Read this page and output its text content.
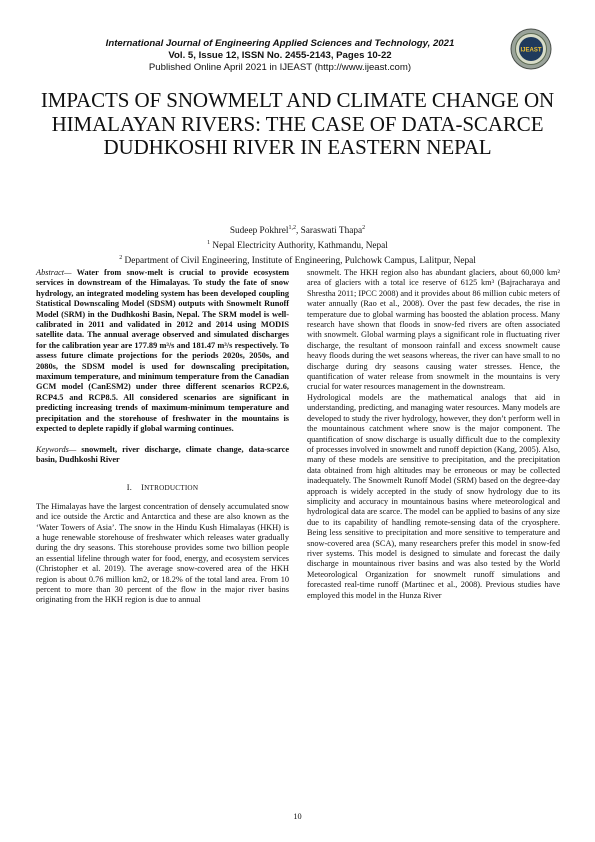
International Journal of Engineering Applied Sciences and Technology, 2021
Vol. 5, Issue 12, ISSN No. 2455-2143, Pages 10-22
Published Online April 2021 in IJEAST (http://www.ijeast.com)
IJEAST
IMPACTS OF SNOWMELT AND CLIMATE CHANGE ON HIMALAYAN RIVERS: THE CASE OF DATA-SCARCE DUDHKOSHI RIVER IN EASTERN NEPAL
Sudeep Pokhrel$^{1,2}$, Saraswati Thapa$^2$
$^1$ Nepal Electricity Authority, Kathmandu, Nepal
$^2$ Department of Civil Engineering, Institute of Engineering, Pulchowk Campus, Lalitpur, Nepal

Abstract— Water from snow-melt is crucial to provide ecosystem services in downstream of the Himalayas. To study the fate of snow hydrology, an integrated modeling system has been developed coupling Statistical Downscaling Model (SDSM) outputs with Snowmelt Runoff Model (SRM) in the Dudhkoshi Basin, Nepal. The SRM model is well-calibrated in 2011 and validated in 2012 and 2014 using MODIS satellite data. The annual average observed and simulated discharges for the calibration year are 177.89 m³/s and 181.47 m³/s respectively. To assess future climate projections for the periods 2020s, 2050s, and 2080s, the SDSM model is used for downscaling precipitation, maximum temperature, and minimum temperature from the Canadian GCM model (CanESM2) under three different scenarios RCP2.6, RCP4.5 and RCP8.5. All considered scenarios are significant in predicting increasing trends of maximum-minimum temperature and precipitation and the storehouse of freshwater in the mountains is expected to deplete rapidly if global warming continues.

Keywords— snowmelt, river discharge, climate change, data-scarce basin, Dudhkoshi River

I. INTRODUCTION

The Himalayas have the largest concentration of densely accumulated snow and ice outside the Arctic and Antarctica and these are also known as the ‘Water Towers of Asia’. The snow in the Hindu Kush Himalayas (HKH) is a huge renewable storehouse of freshwater which releases water gradually during the dry seasons. This storehouse provides some two billion people an essential lifeline through water for food, energy, and ecosystem services (Christopher et al. 2019). The average snow-covered area of the HKH region is about 0.76 million km2, or 18.2% of the total land area. From 10 percent to more than 30 percent of the flow in the major river basins originating from the HKH region is due to annual

snowmelt. The HKH region also has abundant glaciers, about 60,000 km² area of glaciers with a total ice reserve of 6125 km³ (Bajracharaya and Shrestha 2011; IPCC 2008) and it provides about 86 million cubic meters of water annually (Rao et al., 2008). Over the past few decades, the rise in temperature due to global warming has boosted the ablation process. Many research have shown that floods in snow-fed rivers are often associated with snowmelt. Global warming plays a significant role in fluctuating river discharge, the resultant of monsoon rainfall and excess snowmelt cause heavy floods during the wet seasons whereas, the river can have small to no discharge during dry seasons causing water stresses. Hence, the quantification of water release from snowmelt in the mountains is very crucial for water resources management in the downstream.

Hydrological models are the mathematical analogs that aid in understanding, predicting, and managing water resources. Many models are developed to study the river hydrology, however, they don’t perform well in the mountainous catchment where snow is the major component. The quantification of snow discharge is usually difficult due to the complexity of processes involved in snowmelt and runoff depiction (Kang, 2005). Also, many of these models are sensitive to precipitation, and the precipitation data obtained from high altitudes may be erroneous or may be collected inadequately. The Snowmelt Runoff Model (SRM) based on the degree-day approach is widely accepted in the study of snow hydrology due to its simplicity and accuracy in mountainous basins where meteorological and hydrological data are scarce. The model can be applied to basins of any size due to its capability of handling remote-sensing data of the cryosphere. Being less sensitive to precipitation and more sensitive to temperature and snow-covered area (SCA), many researchers prefer this model in snow-fed river systems. This model is designed to simulate and forecast the daily discharge in mountainous river basins and was also tested by the World Meteorological Organization for snowmelt runoff simulations and forecasted real-time runoff (Martinec et al., 2008). Previous studies have employed this model in the Hunza River

10
